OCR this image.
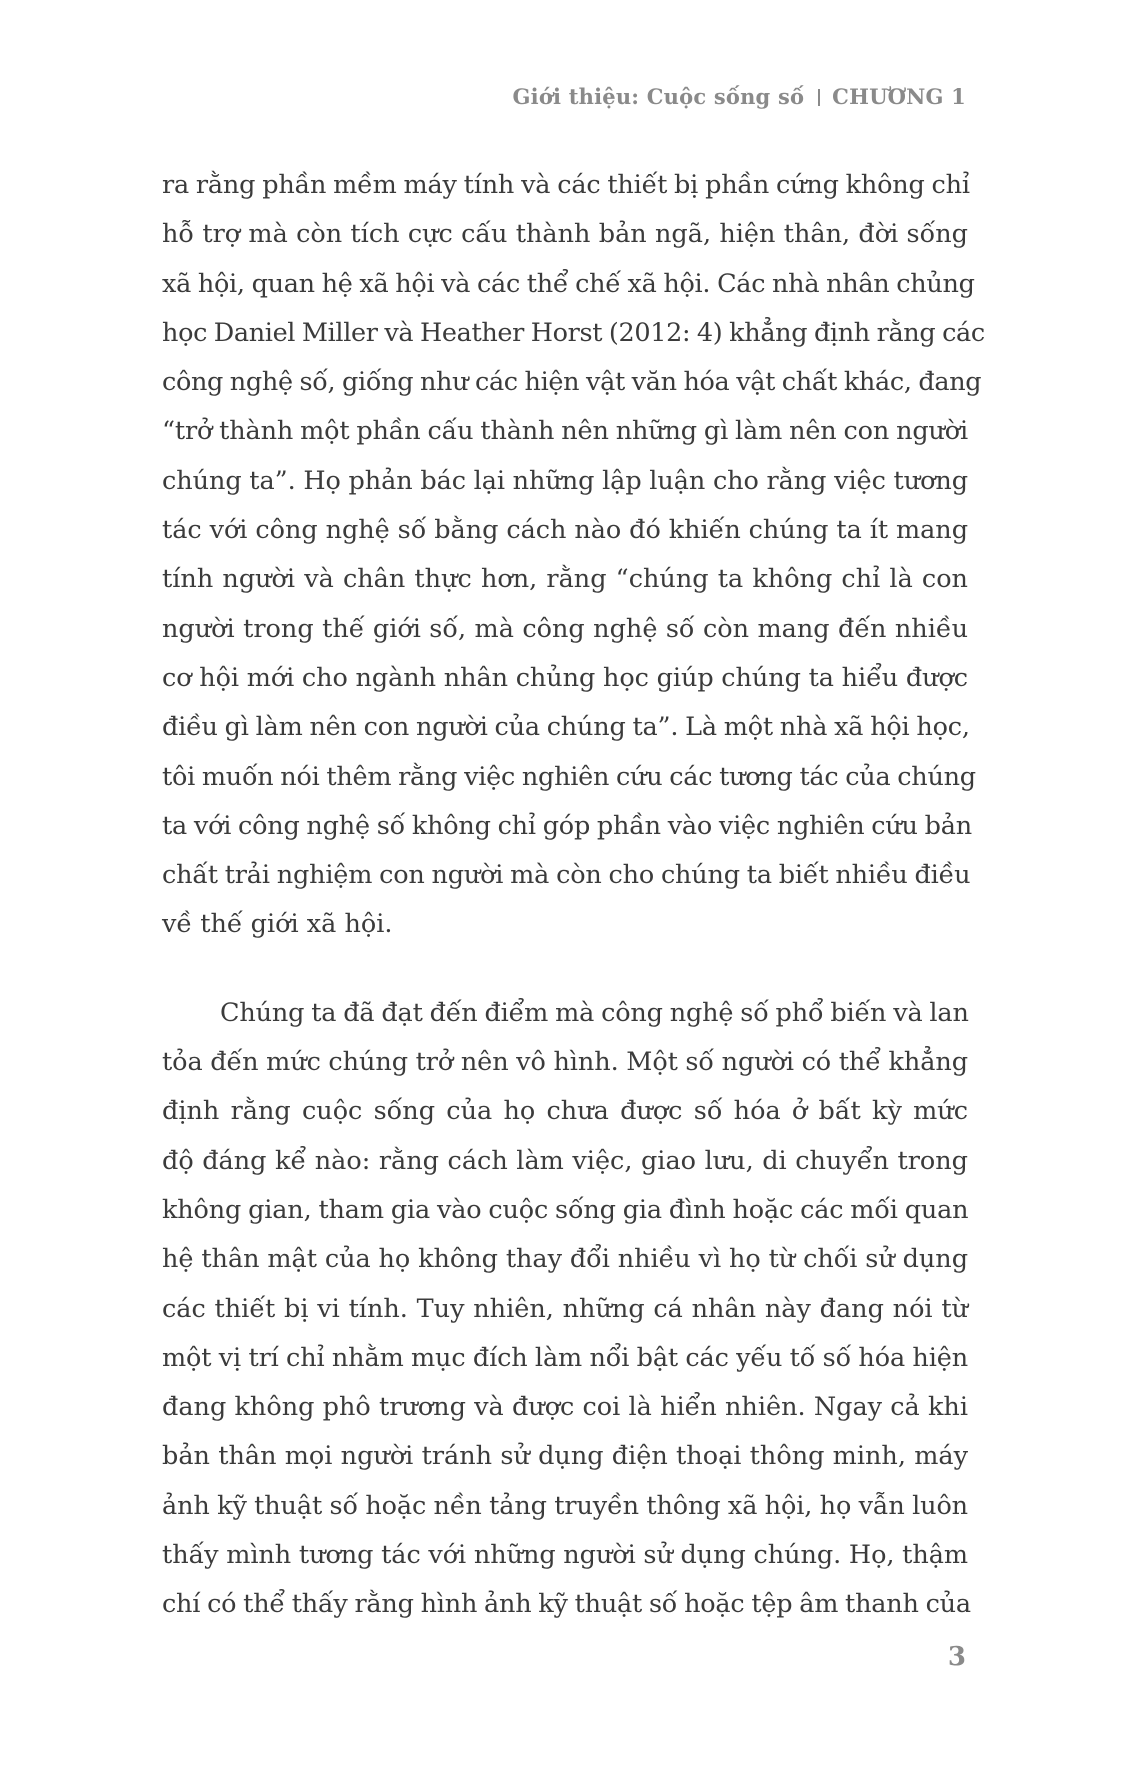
Giới thiệu: Cuộc sống số CHƯƠNG 1
ra rằng phần mềm máy tính và các thiết bị phần cứng không chỉ
hỗ trợ mà còn tích cực cấu thành bản ngã, hiện thân, đời sống
xã hội, quan hệ xã hội và các thể chế xã hội. Các nhà nhân chủng
học Daniel Miller và Heather Horst (2012: 4) khẳng định rằng các
công nghệ số, giống như các hiện vật văn hóa vật chất khác, đang
“trở thành một phần cấu thành nên những gì làm nên con người
chúng ta”. Họ phản bác lại những lập luận cho rằng việc tương
tác với công nghệ số bằng cách nào đó khiến chúng ta ít mang
tính người và chân thực hơn, rằng “chúng ta không chỉ là con
người trong thế giới số, mà công nghệ số còn mang đến nhiều
cơ hội mới cho ngành nhân chủng học giúp chúng ta hiểu được
điều gì làm nên con người của chúng ta”. Là một nhà xã hội học,
tôi muốn nói thêm rằng việc nghiên cứu các tương tác của chúng
ta với công nghệ số không chỉ góp phần vào việc nghiên cứu bản
chất trải nghiệm con người mà còn cho chúng ta biết nhiều điều
về thế giới xã hội.
Chúng ta đã đạt đến điểm mà công nghệ số phổ biến và lan
tỏa đến mức chúng trở nên vô hình. Một số người có thể khẳng
định rằng cuộc sống của họ chưa được số hóa ở bất kỳ mức
độ đáng kể nào: rằng cách làm việc, giao lưu, di chuyển trong
không gian, tham gia vào cuộc sống gia đình hoặc các mối quan
hệ thân mật của họ không thay đổi nhiều vì họ từ chối sử dụng
các thiết bị vi tính. Tuy nhiên, những cá nhân này đang nói từ
một vị trí chỉ nhằm mục đích làm nổi bật các yếu tố số hóa hiện
đang không phô trương và được coi là hiển nhiên. Ngay cả khi
bản thân mọi người tránh sử dụng điện thoại thông minh, máy
ảnh kỹ thuật số hoặc nền tảng truyền thông xã hội, họ vẫn luôn
thấy mình tương tác với những người sử dụng chúng. Họ, thậm
chí có thể thấy rằng hình ảnh kỹ thuật số hoặc tệp âm thanh của
3
